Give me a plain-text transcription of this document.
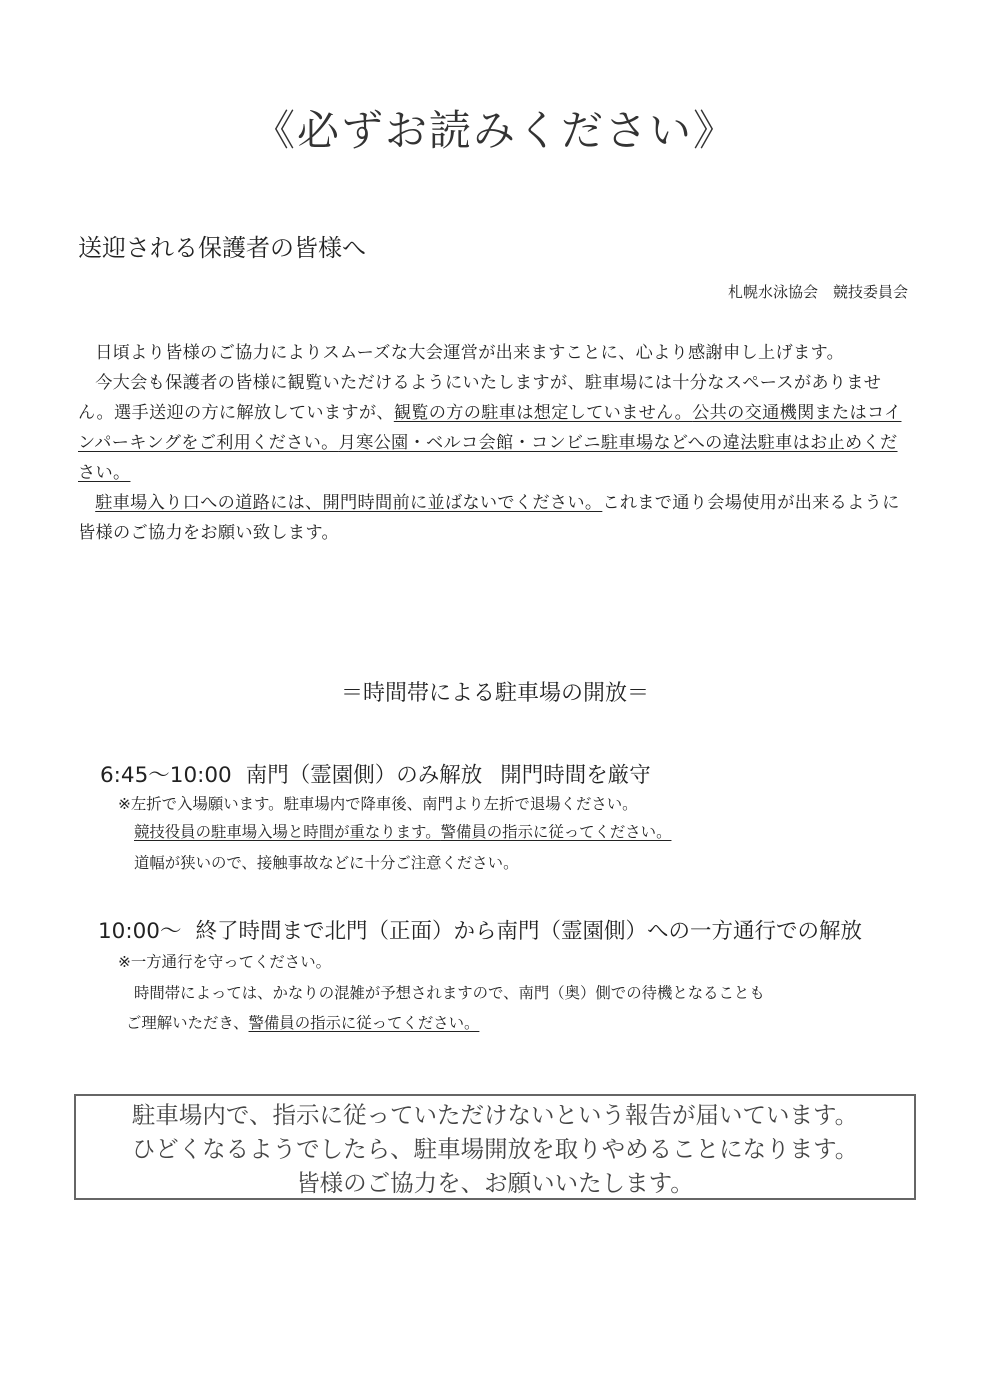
《必ずお読みください》
送迎される保護者の皆様へ
札幌水泳協会　競技委員会

日頃より皆様のご協力によりスムーズな大会運営が出来ますことに、心より感謝申し上げます。

今大会も保護者の皆様に観覧いただけるようにいたしますが、駐車場には十分なスペースがありません。選手送迎の方に解放していますが、観覧の方の駐車は想定していません。公共の交通機関またはコインパーキングをご利用ください。月寒公園・ベルコ会館・コンビニ駐車場などへの違法駐車はお止めください。

駐車場入り口への道路には、開門時間前に並ばないでください。これまで通り会場使用が出来るように皆様のご協力をお願い致します。

＝時間帯による駐車場の開放＝
6:45～10:00 南門（霊園側）のみ解放 開門時間を厳守
※左折で入場願います。駐車場内で降車後、南門より左折で退場ください。
競技役員の駐車場入場と時間が重なります。警備員の指示に従ってください。
道幅が狭いので、接触事故などに十分ご注意ください。
10:00～ 終了時間まで北門（正面）から南門（霊園側）への一方通行での解放
※一方通行を守ってください。
時間帯によっては、かなりの混雑が予想されますので、南門（奥）側での待機となることも
ご理解いただき、警備員の指示に従ってください。
駐車場内で、指示に従っていただけないという報告が届いています。
ひどくなるようでしたら、駐車場開放を取りやめることになります。
皆様のご協力を、お願いいたします。
